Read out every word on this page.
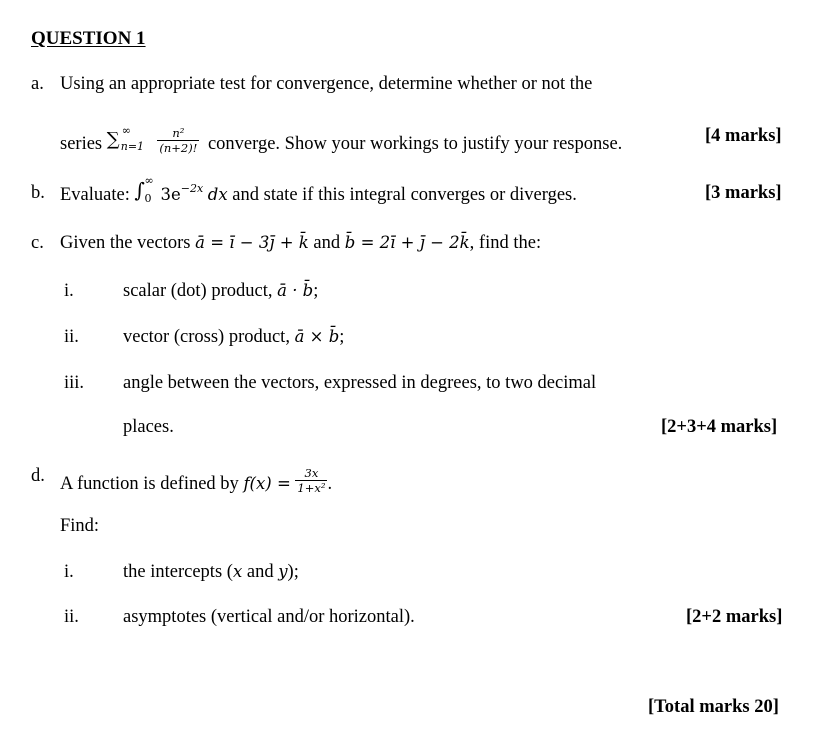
QUESTION 1
a. Using an appropriate test for convergence, determine whether or not the
series ∑ ∞
n=1
$\frac{\text{n²}}{(n+2)!}$ converge. Show your workings to justify your response.	[4 marks]
b. Evaluate: ∫ ∞
0 $3e^{-2x}$ dx and state if this integral converges or diverges.	[3 marks]
c. Given the vectors ā = ī − 3ȷ̄ + k̄ and b̄ = 2ī + ȷ̄ − 2k̄, find the:
i.	scalar (dot) product, ā · b̄;
ii. vector (cross) product, ā × b̄;
iii. angle between the vectors, expressed in degrees, to two decimal
places.	[2+3+4 marks]
d. A function is defined by $f(x) = \frac{3x}{\text{1+x²}}$ .
Find:
i.	the intercepts (x and y);
ii. asymptotes (vertical and/or horizontal).	[2+2 marks]
[Total marks 20]
